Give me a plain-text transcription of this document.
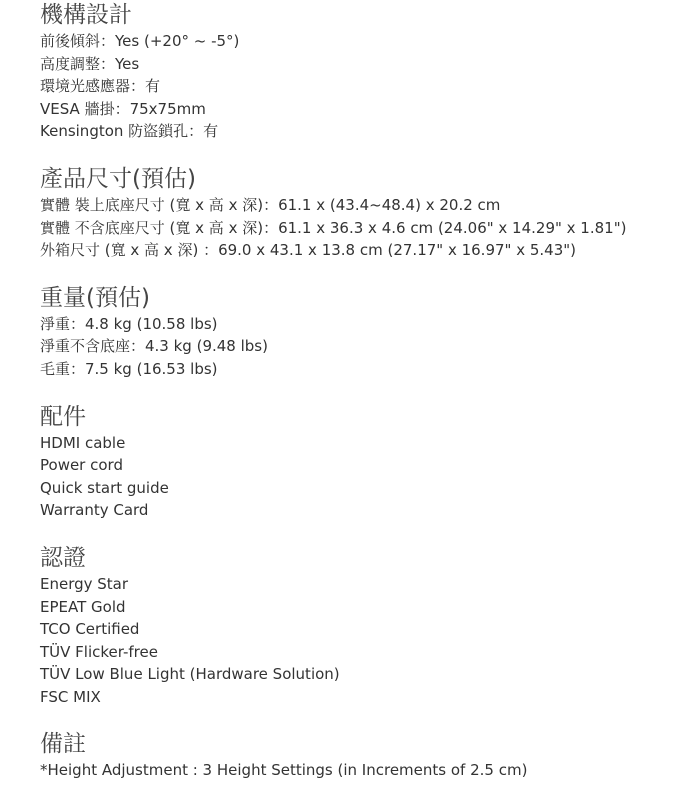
機構設計

前後傾斜：Yes (+20° ~ -5°)

高度調整：Yes

環境光感應器：有

VESA 牆掛：75x75mm

Kensington 防盜鎖孔：有

產品尺寸(預估)

實體 裝上底座尺寸 (寬 x 高 x 深)：61.1 x (43.4~48.4) x 20.2 cm

實體 不含底座尺寸 (寬 x 高 x 深)：61.1 x 36.3 x 4.6 cm (24.06" x 14.29" x 1.81")

外箱尺寸 (寬 x 高 x 深) ：69.0 x 43.1 x 13.8 cm (27.17" x 16.97" x 5.43")

重量(預估)

淨重：4.8 kg (10.58 lbs)

淨重不含底座：4.3 kg (9.48 lbs)

毛重：7.5 kg (16.53 lbs)

配件

HDMI cable

Power cord

Quick start guide

Warranty Card

認證

Energy Star

EPEAT Gold

TCO Certified

TÜV Flicker-free

TÜV Low Blue Light (Hardware Solution)

FSC MIX

備註

*Height Adjustment : 3 Height Settings (in Increments of 2.5 cm)
